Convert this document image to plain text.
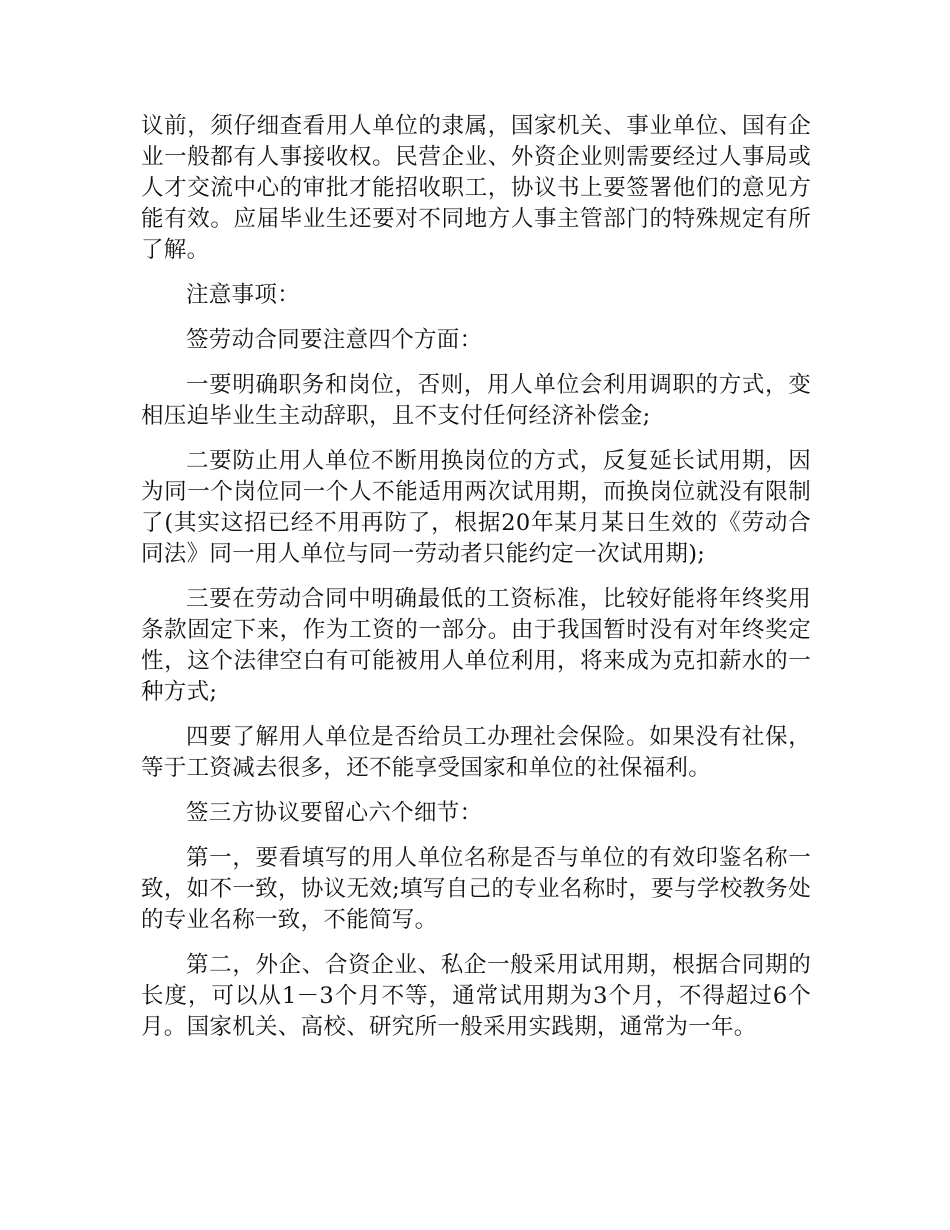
议前，须仔细查看用人单位的隶属，国家机关、事业单位、国有企业一般都有人事接收权。民营企业、外资企业则需要经过人事局或人才交流中心的审批才能招收职工，协议书上要签署他们的意见方能有效。应届毕业生还要对不同地方人事主管部门的特殊规定有所了解。

注意事项：

签劳动合同要注意四个方面：

一要明确职务和岗位，否则，用人单位会利用调职的方式，变相压迫毕业生主动辞职，且不支付任何经济补偿金;

二要防止用人单位不断用换岗位的方式，反复延长试用期，因为同一个岗位同一个人不能适用两次试用期，而换岗位就没有限制了(其实这招已经不用再防了，根据20年某月某日生效的《劳动合同法》同一用人单位与同一劳动者只能约定一次试用期);

三要在劳动合同中明确最低的工资标准，比较好能将年终奖用条款固定下来，作为工资的一部分。由于我国暂时没有对年终奖定性，这个法律空白有可能被用人单位利用，将来成为克扣薪水的一种方式;

四要了解用人单位是否给员工办理社会保险。如果没有社保，等于工资减去很多，还不能享受国家和单位的社保福利。

签三方协议要留心六个细节：

第一，要看填写的用人单位名称是否与单位的有效印鉴名称一致，如不一致，协议无效;填写自己的专业名称时，要与学校教务处的专业名称一致，不能简写。

第二，外企、合资企业、私企一般采用试用期，根据合同期的长度，可以从1－3个月不等，通常试用期为3个月，不得超过6个月。国家机关、高校、研究所一般采用实践期，通常为一年。
